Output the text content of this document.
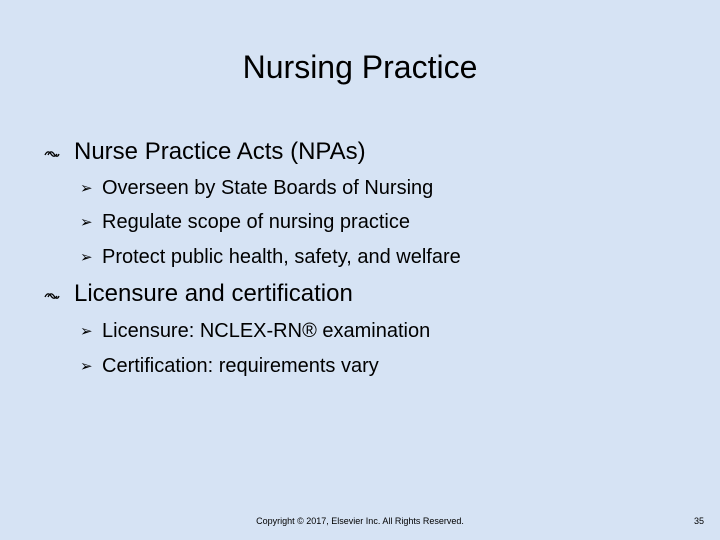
Nursing Practice
Nurse Practice Acts (NPAs)
➢ Overseen by State Boards of Nursing
➢ Regulate scope of nursing practice
➢ Protect public health, safety, and welfare
Licensure and certification
➢ Licensure: NCLEX-RN® examination
➢ Certification: requirements vary
Copyright © 2017, Elsevier Inc. All Rights Reserved.	35
